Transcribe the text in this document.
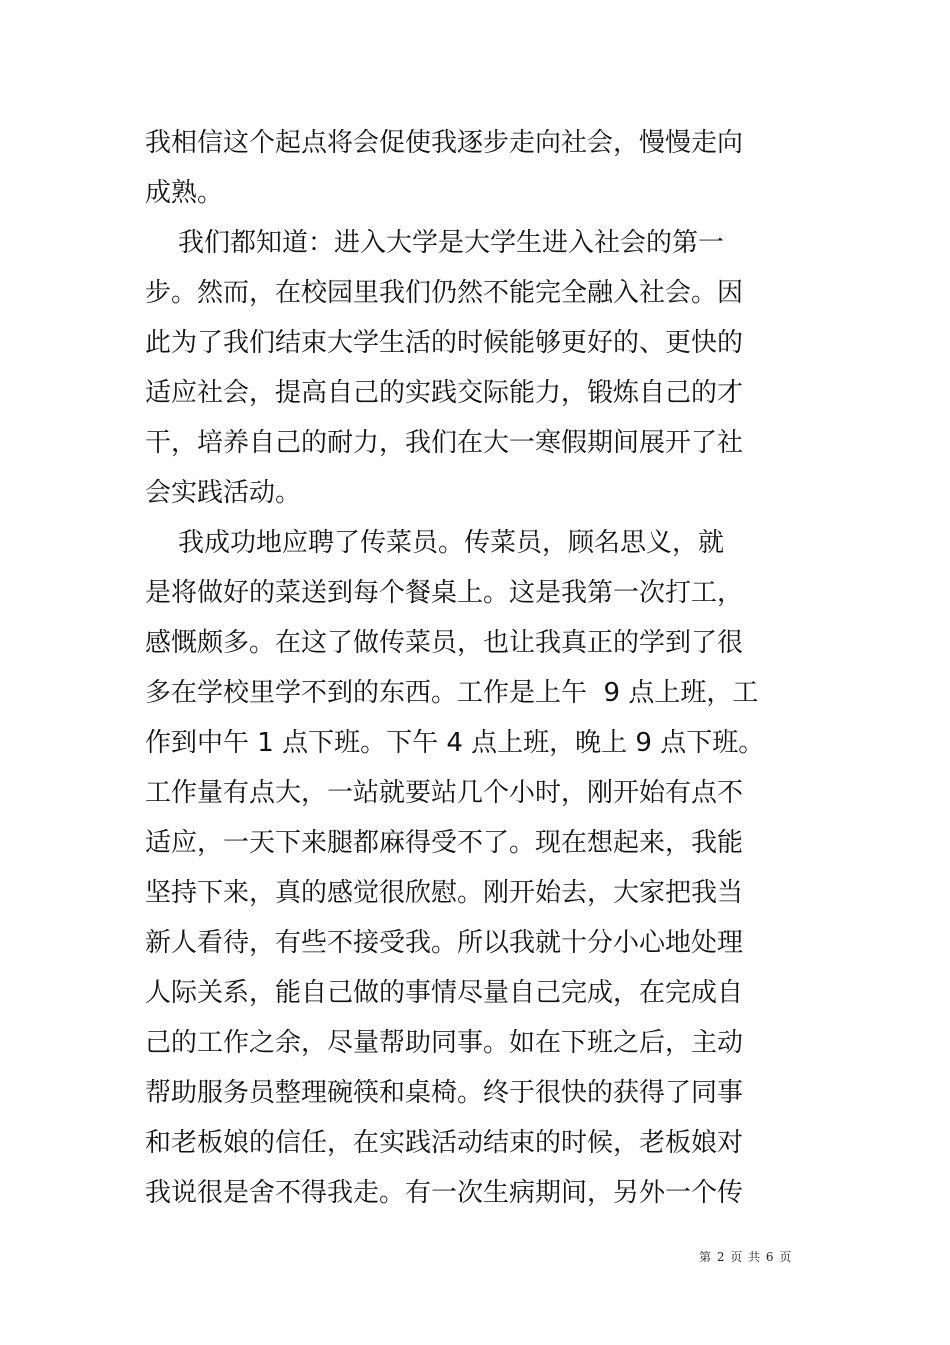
我相信这个起点将会促使我逐步走向社会，慢慢走向
成熟。
我们都知道：进入大学是大学生进入社会的第一
步。然而，在校园里我们仍然不能完全融入社会。因
此为了我们结束大学生活的时候能够更好的、更快的
适应社会，提高自己的实践交际能力，锻炼自己的才
干，培养自己的耐力，我们在大一寒假期间展开了社
会实践活动。
我成功地应聘了传菜员。传菜员，顾名思义，就
是将做好的菜送到每个餐桌上。这是我第一次打工，
感慨颇多。在这了做传菜员，也让我真正的学到了很
多在学校里学不到的东西。工作是上午  9 点上班，工
作到中午 1 点下班。下午 4 点上班，晚上 9 点下班。
工作量有点大，一站就要站几个小时，刚开始有点不
适应，一天下来腿都麻得受不了。现在想起来，我能
坚持下来，真的感觉很欣慰。刚开始去，大家把我当
新人看待，有些不接受我。所以我就十分小心地处理
人际关系，能自己做的事情尽量自己完成，在完成自
己的工作之余，尽量帮助同事。如在下班之后，主动
帮助服务员整理碗筷和桌椅。终于很快的获得了同事
和老板娘的信任，在实践活动结束的时候，老板娘对
我说很是舍不得我走。有一次生病期间，另外一个传
第 2 页 共 6 页
